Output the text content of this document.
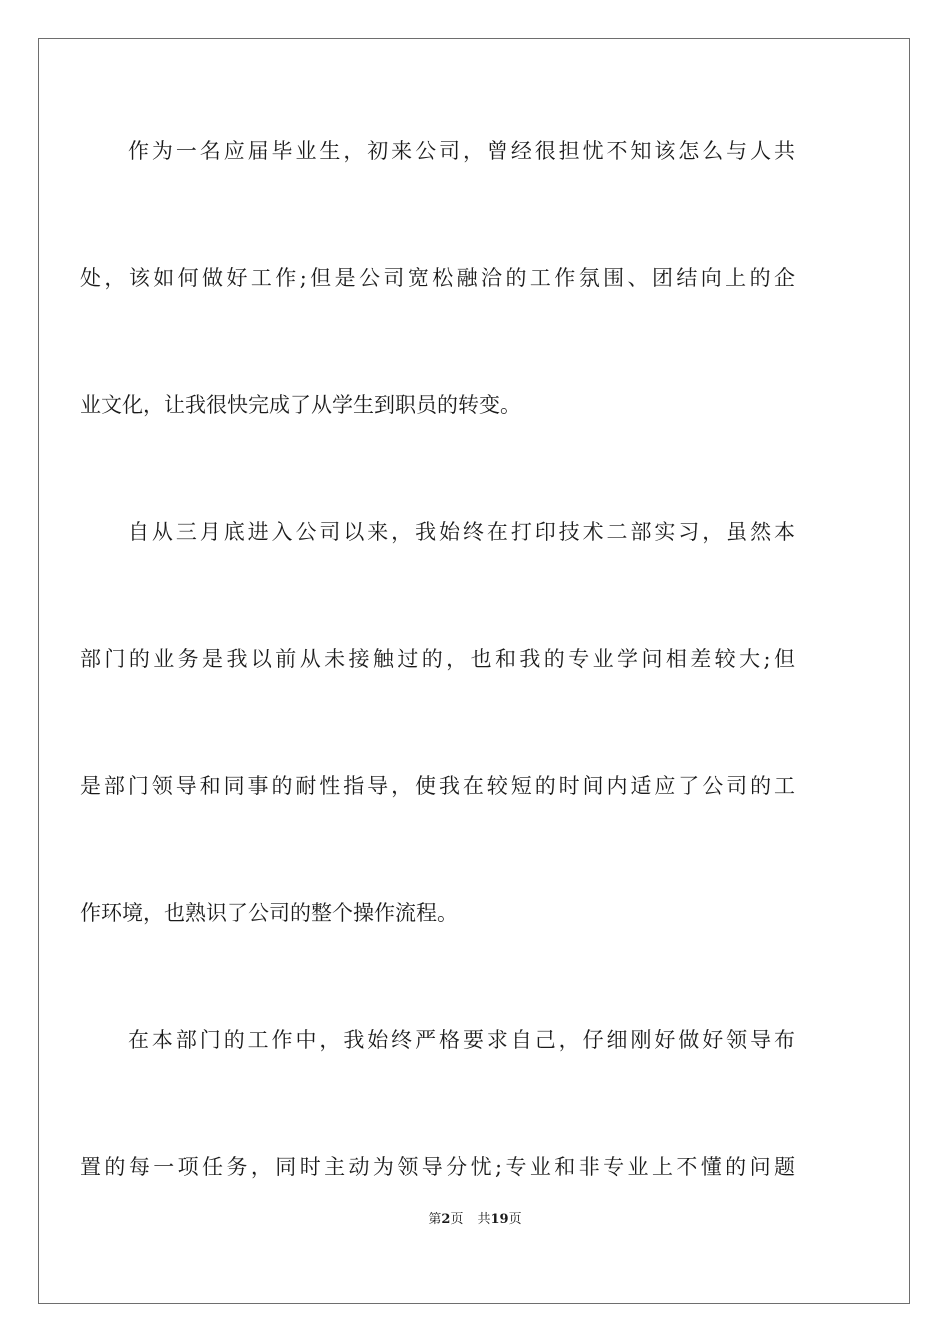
作为一名应届毕业生，初来公司，曾经很担忧不知该怎么与人共
处，该如何做好工作;但是公司宽松融洽的工作氛围、团结向上的企
业文化，让我很快完成了从学生到职员的转变。
自从三月底进入公司以来，我始终在打印技术二部实习，虽然本
部门的业务是我以前从未接触过的，也和我的专业学问相差较大;但
是部门领导和同事的耐性指导，使我在较短的时间内适应了公司的工
作环境，也熟识了公司的整个操作流程。
在本部门的工作中，我始终严格要求自己，仔细刚好做好领导布
置的每一项任务，同时主动为领导分忧;专业和非专业上不懂的问题
第2页 共19页
